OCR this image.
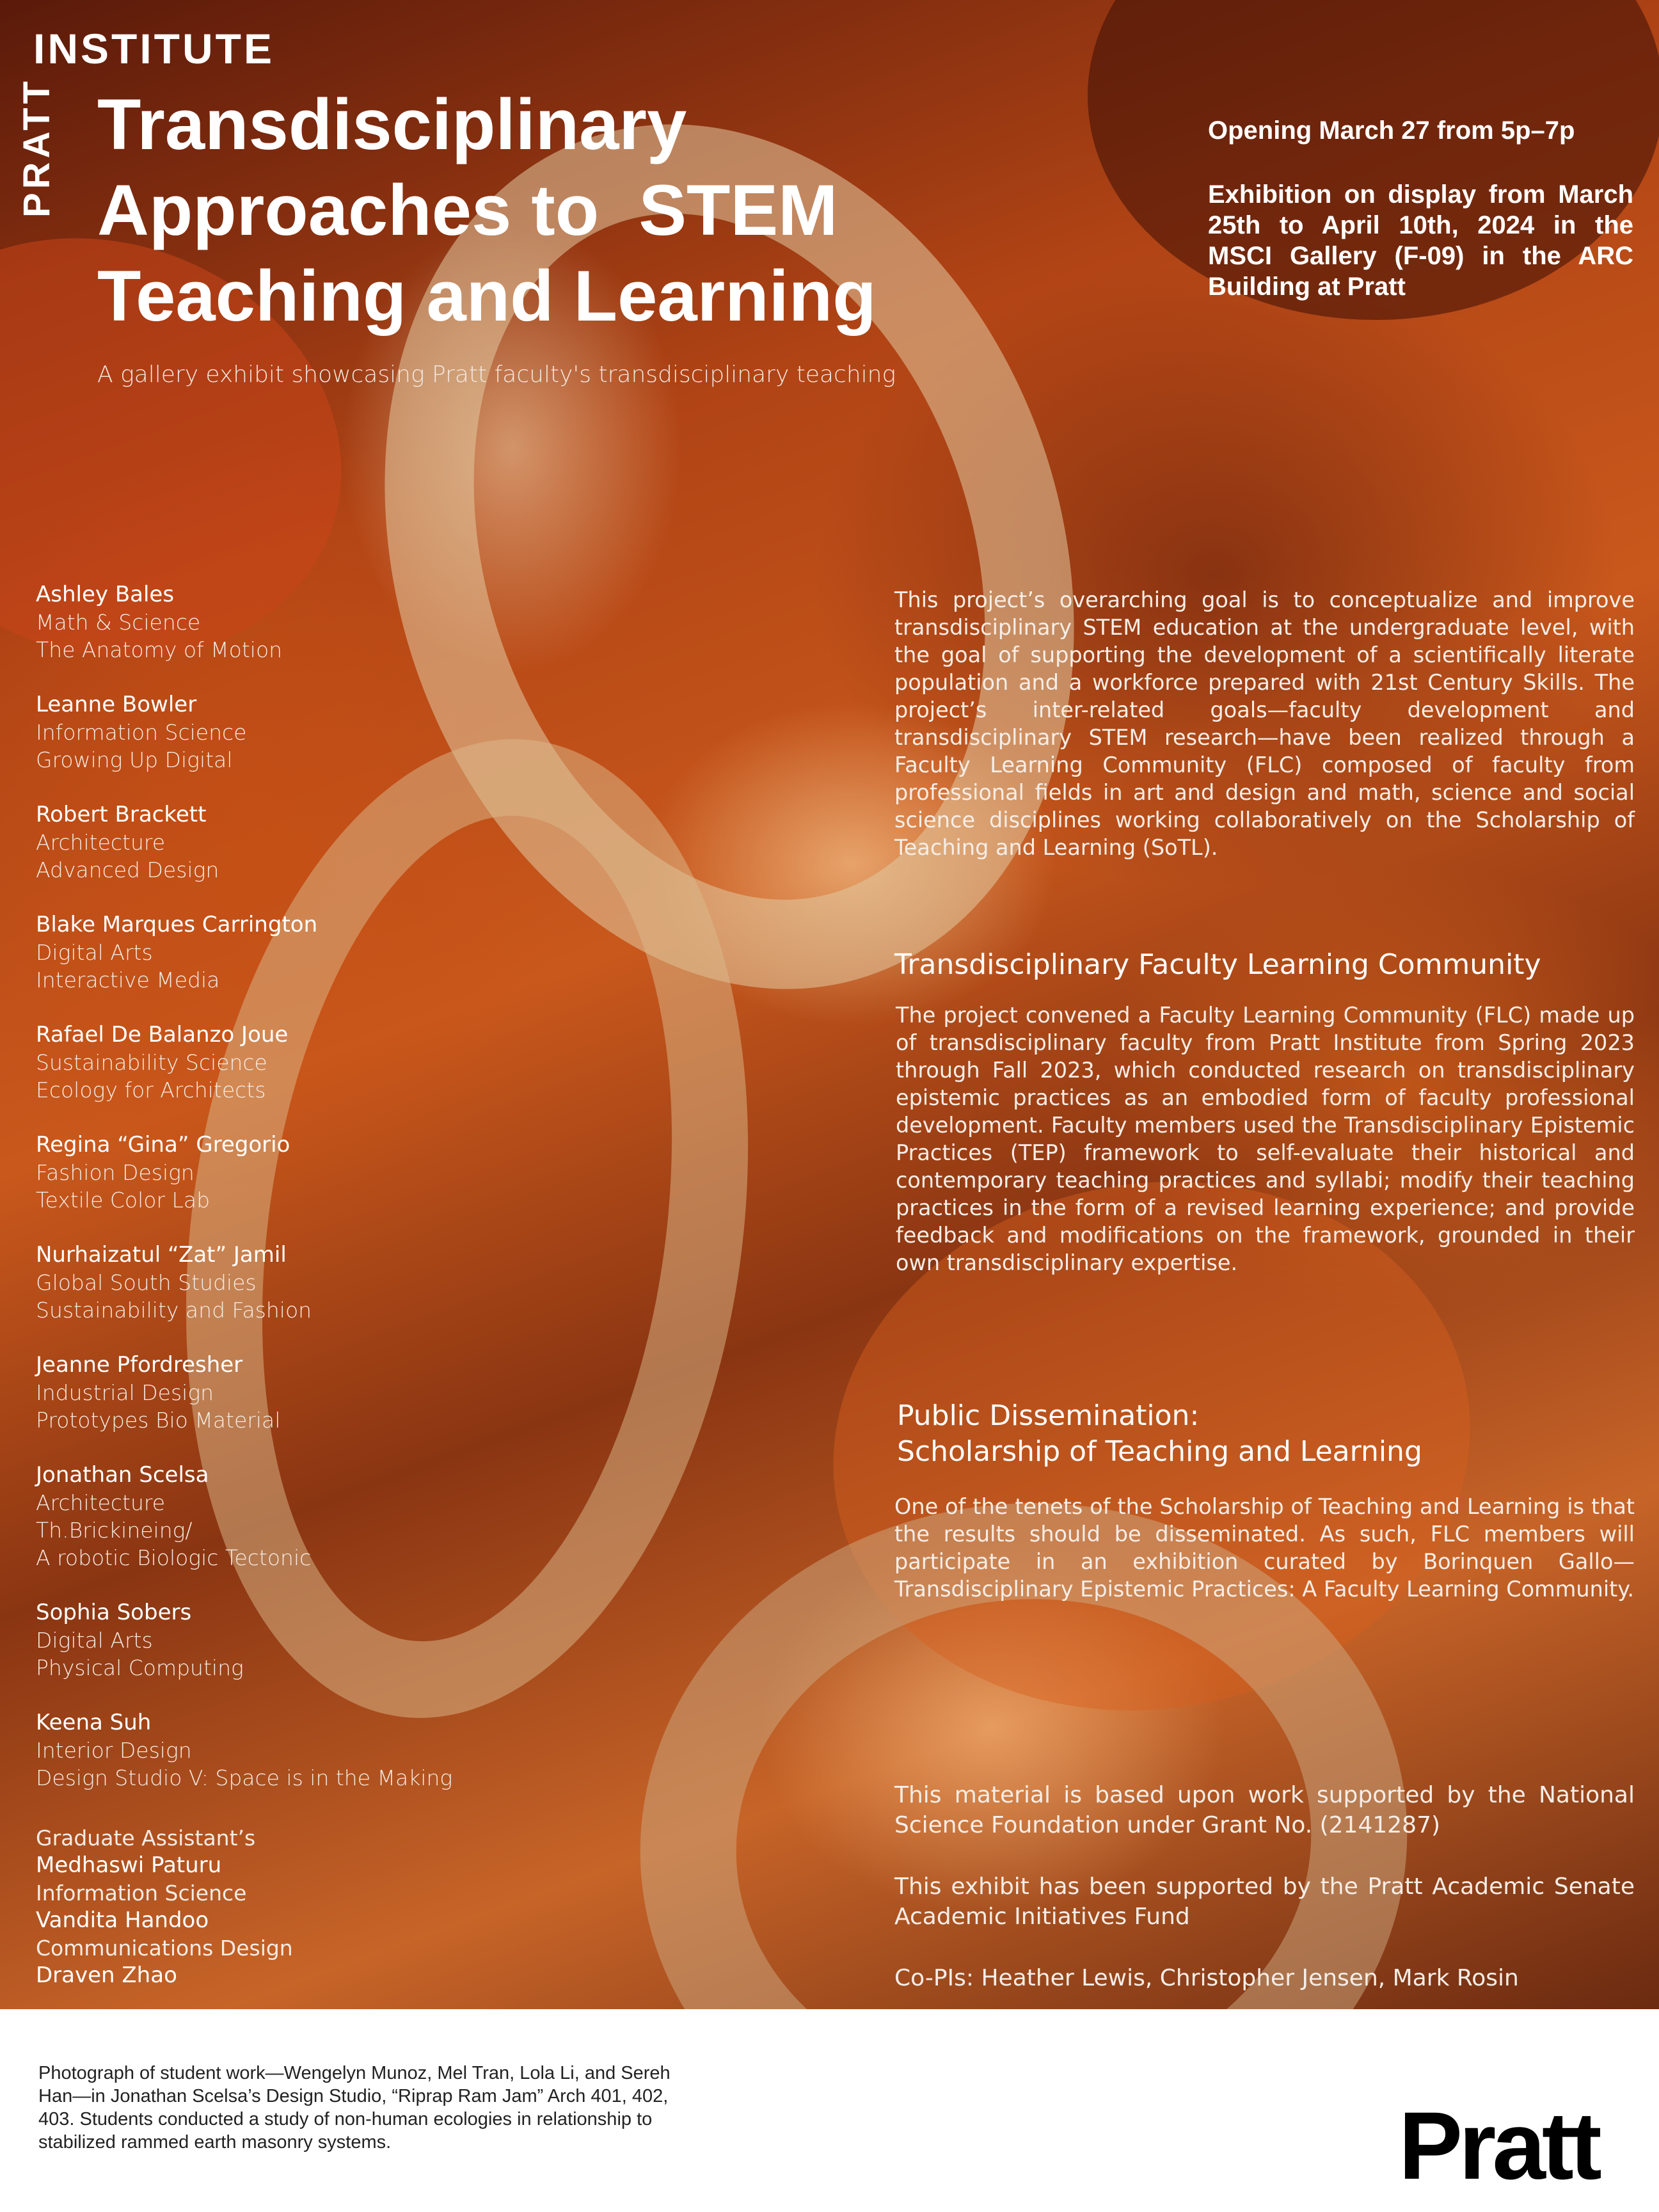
PRATT
INSTITUTE
Transdisciplinary
Approaches to  STEM
Teaching and Learning
A gallery exhibit showcasing Pratt faculty's transdisciplinary teaching
Opening March 27 from 5p–7p
Exhibition on display from March 25th to April 10th, 2024 in the MSCI Gallery (F-09) in the ARC Building at Pratt
Ashley Bales
Math & Science
The Anatomy of Motion
Leanne Bowler
Information Science
Growing Up Digital
Robert Brackett
Architecture
Advanced Design
Blake Marques Carrington
Digital Arts
Interactive Media
Rafael De Balanzo Joue
Sustainability Science
Ecology for Architects
Regina “Gina” Gregorio
Fashion Design
Textile Color Lab
Nurhaizatul “Zat” Jamil
Global South Studies
Sustainability and Fashion
Jeanne Pfordresher
Industrial Design
Prototypes Bio Material
Jonathan Scelsa
Architecture
Th.Brickineing/
A robotic Biologic Tectonic
Sophia Sobers
Digital Arts
Physical Computing
Keena Suh
Interior Design
Design Studio V: Space is in the Making
Graduate Assistant’s
Medhaswi Paturu
Information Science
Vandita Handoo
Communications Design
Draven Zhao
This project’s overarching goal is to conceptualize and improve transdisciplinary STEM education at the undergraduate level, with the goal of supporting the development of a scientifically literate population and a workforce prepared with 21st Century Skills. The project’s inter-related goals—faculty development and transdisciplinary STEM research—have been realized through a Faculty Learning Community (FLC) composed of faculty from professional fields in art and design and math, science and social science disciplines working collaboratively on the Scholarship of Teaching and Learning (SoTL).
Transdisciplinary Faculty Learning Community
The project convened a Faculty Learning Community (FLC) made up of transdisciplinary faculty from Pratt Institute from Spring 2023 through Fall 2023, which conducted research on transdisciplinary epistemic practices as an embodied form of faculty professional development. Faculty members used the Transdisciplinary Epistemic Practices (TEP) framework to self-evaluate their historical and contemporary teaching practices and syllabi; modify their teaching practices in the form of a revised learning experience; and provide feedback and modifications on the framework, grounded in their own transdisciplinary expertise.
Public Dissemination:
Scholarship of Teaching and Learning
One of the tenets of the Scholarship of Teaching and Learning is that the results should be disseminated. As such, FLC members will participate in an exhibition curated by Borinquen Gallo—Transdisciplinary Epistemic Practices: A Faculty Learning Community.
This material is based upon work supported by the National Science Foundation under Grant No. (2141287)
This exhibit has been supported by the Pratt Academic Senate Academic Initiatives Fund
Co-PIs: Heather Lewis, Christopher Jensen, Mark Rosin
Photograph of student work—Wengelyn Munoz, Mel Tran, Lola Li, and Sereh Han—in Jonathan Scelsa’s Design Studio, “Riprap Ram Jam” Arch 401, 402, 403. Students conducted a study of non-human ecologies in relationship to stabilized rammed earth masonry systems.	Pratt
